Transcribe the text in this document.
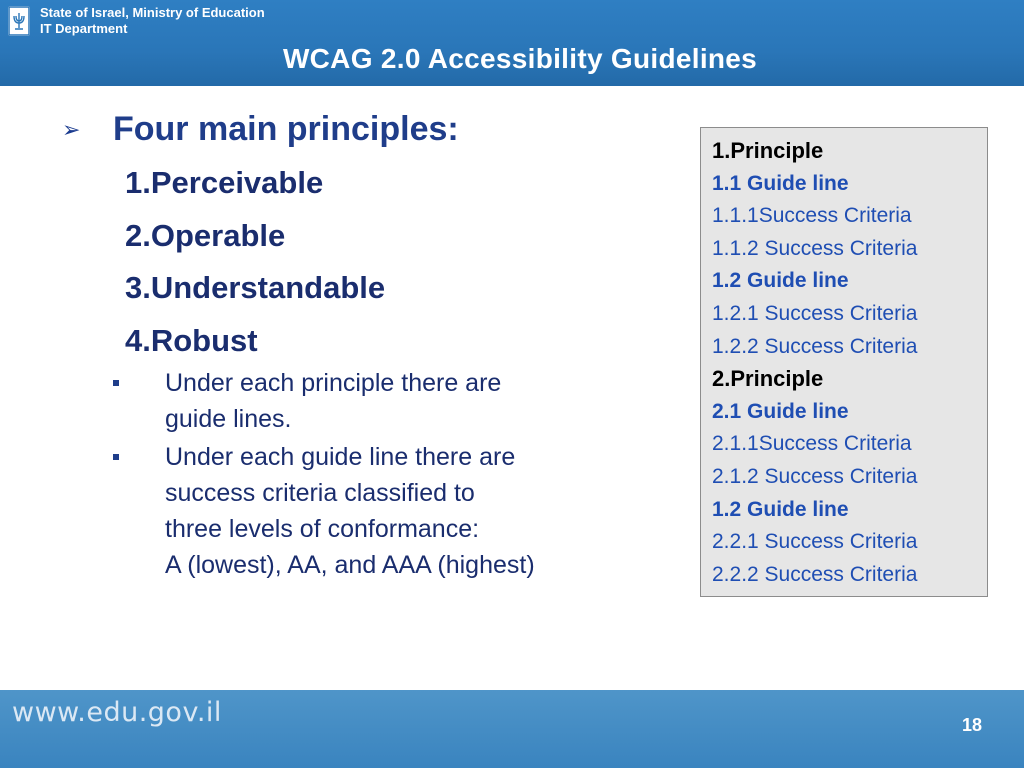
State of Israel, Ministry of Education
IT Department
WCAG 2.0 Accessibility Guidelines
➢ Four main principles:
1.Perceivable
2.Operable
3.Understandable
4.Robust
Under each principle there are
guide lines.
Under each guide line there are
success criteria classified to
three levels of conformance:
A (lowest), AA, and AAA (highest)
1.Principle
1.1 Guide line
1.1.1Success Criteria
1.1.2 Success Criteria
1.2 Guide line
1.2.1 Success Criteria
1.2.2 Success Criteria
2.Principle
2.1 Guide line
2.1.1Success Criteria
2.1.2 Success Criteria
1.2 Guide line
2.2.1 Success Criteria
2.2.2 Success Criteria
www.edu.gov.il	18
